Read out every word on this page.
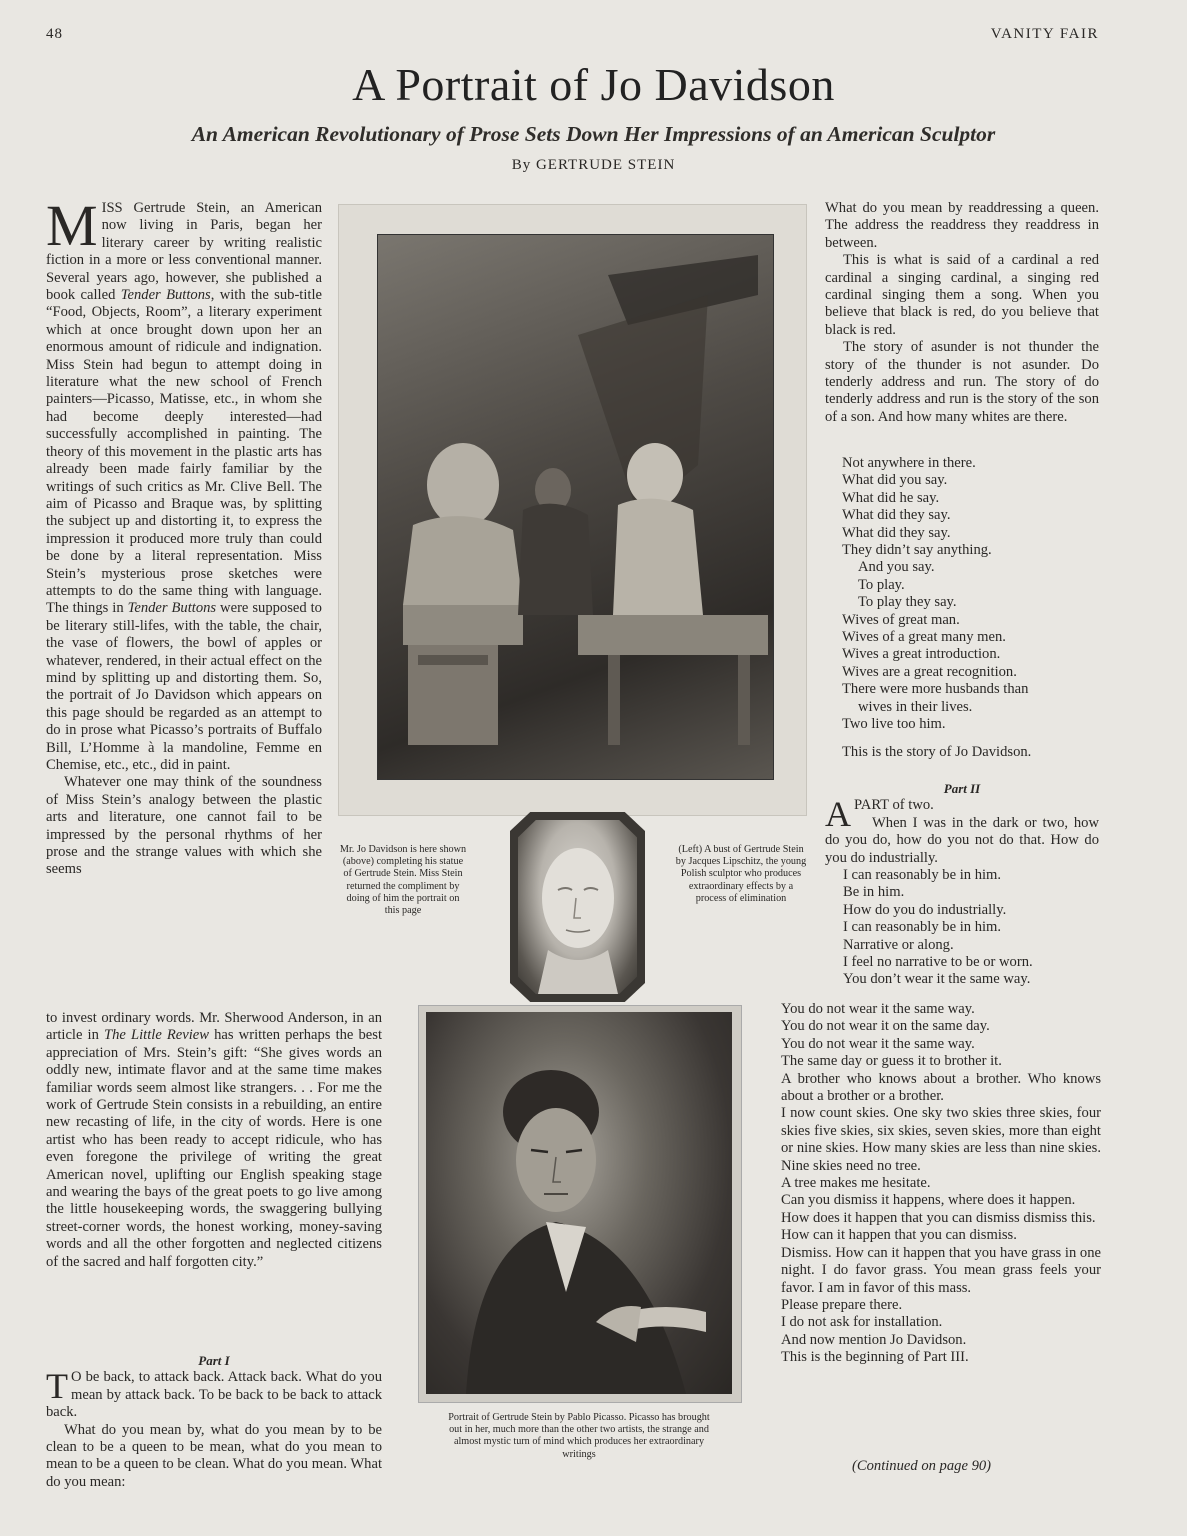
48	VANITY FAIR
A Portrait of Jo Davidson
An American Revolutionary of Prose Sets Down Her Impressions of an American Sculptor
By GERTRUDE STEIN

MISS Gertrude Stein, an American now living in Paris, began her literary career by writing realistic fiction in a more or less conventional manner. Several years ago, however, she published a book called Tender Buttons, with the sub-title “Food, Objects, Room”, a literary experiment which at once brought down upon her an enormous amount of ridicule and indignation. Miss Stein had begun to attempt doing in literature what the new school of French painters—Picasso, Matisse, etc., in whom she had become deeply interested—had successfully accomplished in painting. The theory of this movement in the plastic arts has already been made fairly familiar by the writings of such critics as Mr. Clive Bell. The aim of Picasso and Braque was, by splitting the subject up and distorting it, to express the impression it produced more truly than could be done by a literal representation. Miss Stein’s mysterious prose sketches were attempts to do the same thing with language. The things in Tender Buttons were supposed to be literary still-lifes, with the table, the chair, the vase of flowers, the bowl of apples or whatever, rendered, in their actual effect on the mind by splitting up and distorting them. So, the portrait of Jo Davidson which appears on this page should be regarded as an attempt to do in prose what Picasso’s portraits of Buffalo Bill, L’Homme à la mandoline, Femme en Chemise, etc., etc., did in paint.

Whatever one may think of the soundness of Miss Stein’s analogy between the plastic arts and literature, one cannot fail to be impressed by the personal rhythms of her prose and the strange values with which she seems

to invest ordinary words. Mr. Sherwood Anderson, in an article in The Little Review has written perhaps the best appreciation of Mrs. Stein’s gift: “She gives words an oddly new, intimate flavor and at the same time makes familiar words seem almost like strangers. . . For me the work of Gertrude Stein consists in a rebuilding, an entire new recasting of life, in the city of words. Here is one artist who has been ready to accept ridicule, who has even foregone the privilege of writing the great American novel, uplifting our English speaking stage and wearing the bays of the great poets to go live among the little housekeeping words, the swaggering bullying street-corner words, the honest working, money-saving words and all the other forgotten and neglected citizens of the sacred and half forgotten city.”

Part I

T O be back, to attack back. Attack back. What do you mean by attack back. To be back to be back to attack back.

What do you mean by, what do you mean by to be clean to be a queen to be mean, what do you mean to mean to be a queen to be clean. What do you mean. What do you mean:

Mr. Jo Davidson is here shown (above) completing his statue of Gertrude Stein. Miss Stein returned the compliment by doing of him the portrait on this page
(Left) A bust of Gertrude Stein by Jacques Lipschitz, the young Polish sculptor who produces extraordinary effects by a process of elimination
Portrait of Gertrude Stein by Pablo Picasso. Picasso has brought out in her, much more than the other two artists, the strange and almost mystic turn of mind which produces her extraordinary writings

What do you mean by readdressing a queen. The address the readdress they readdress in between.

This is what is said of a cardinal a red cardinal a singing cardinal, a singing red cardinal singing them a song. When you believe that black is red, do you believe that black is red.

The story of asunder is not thunder the story of the thunder is not asunder. Do tenderly address and run. The story of do tenderly address and run is the story of the son of a son. And how many whites are there.

Not anywhere in there.
What did you say.
What did he say.
What did they say.
What did they say.
They didn’t say anything.
And you say.
To play.
To play they say.
Wives of great man.
Wives of a great many men.
Wives a great introduction.
Wives are a great recognition.
There were more husbands than
wives in their lives.
Two live too him.
This is the story of Jo Davidson.

Part II

APART of two.

When I was in the dark or two, how do you do, how do you not do that. How do you do industrially.

I can reasonably be in him.

Be in him.

How do you do industrially.

I can reasonably be in him.

Narrative or along.

I feel no narrative to be or worn.

You don’t wear it the same way.

You do not wear it the same way.

You do not wear it on the same day.

You do not wear it the same way.

The same day or guess it to brother it.

A brother who knows about a brother. Who knows about a brother or a brother.

I now count skies. One sky two skies three skies, four skies five skies, six skies, seven skies, more than eight or nine skies. How many skies are less than nine skies. Nine skies need no tree.

A tree makes me hesitate.

Can you dismiss it happens, where does it happen.

How does it happen that you can dismiss dismiss this.

How can it happen that you can dismiss.

Dismiss. How can it happen that you have grass in one night. I do favor grass. You mean grass feels your favor. I am in favor of this mass.

Please prepare there.

I do not ask for installation.

And now mention Jo Davidson.

This is the beginning of Part III.

(Continued on page 90)
